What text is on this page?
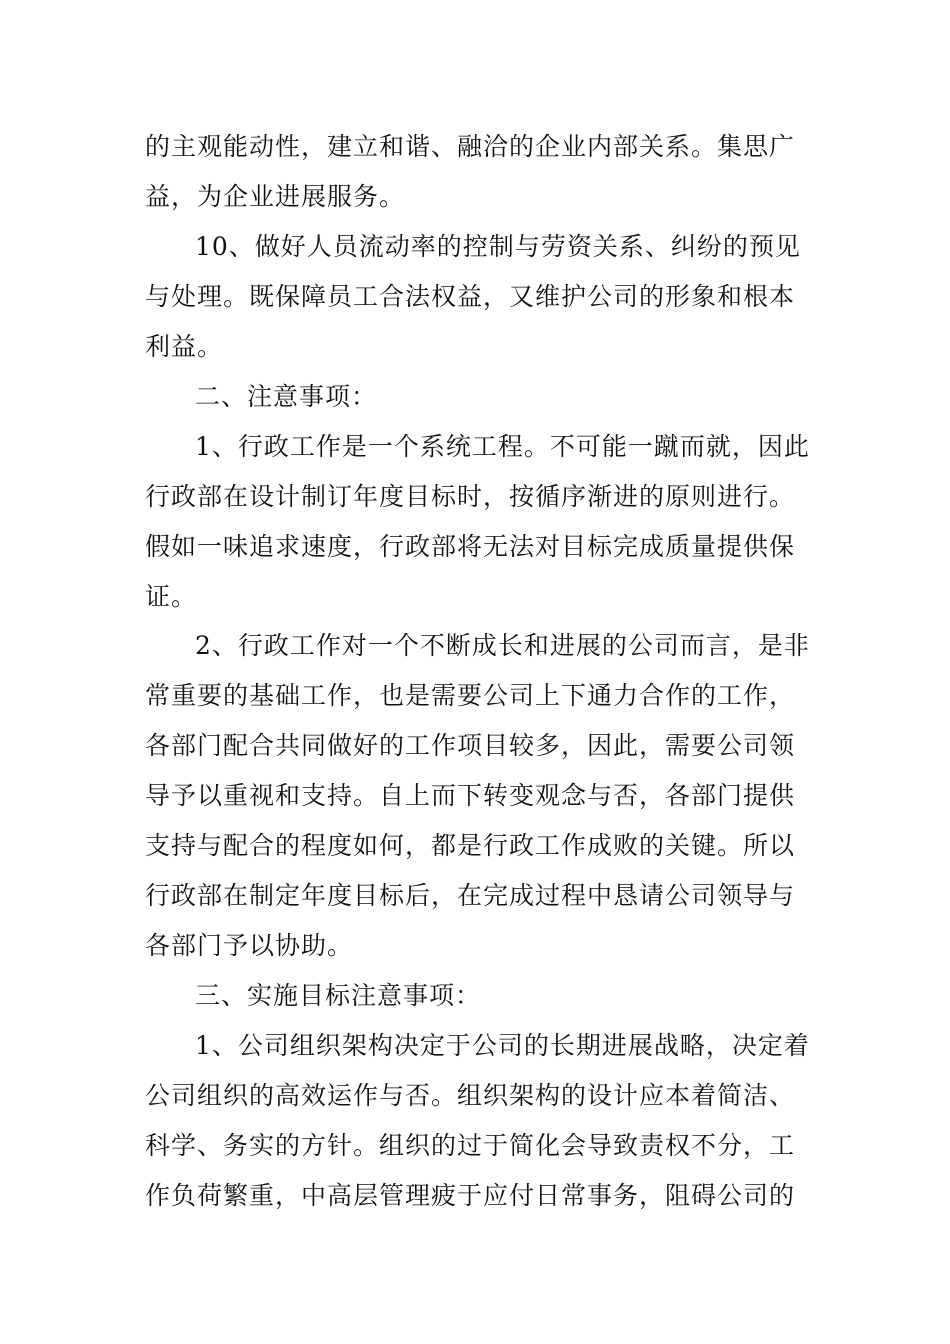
的主观能动性，建立和谐、融洽的企业内部关系。集思广
益，为企业进展服务。
10、做好人员流动率的控制与劳资关系、纠纷的预见
与处理。既保障员工合法权益，又维护公司的形象和根本
利益。
二、注意事项：
1、行政工作是一个系统工程。不可能一蹴而就，因此
行政部在设计制订年度目标时，按循序渐进的原则进行。
假如一味追求速度，行政部将无法对目标完成质量提供保
证。
2、行政工作对一个不断成长和进展的公司而言，是非
常重要的基础工作，也是需要公司上下通力合作的工作，
各部门配合共同做好的工作项目较多，因此，需要公司领
导予以重视和支持。自上而下转变观念与否，各部门提供
支持与配合的程度如何，都是行政工作成败的关键。所以
行政部在制定年度目标后，在完成过程中恳请公司领导与
各部门予以协助。
三、实施目标注意事项：
1、公司组织架构决定于公司的长期进展战略，决定着
公司组织的高效运作与否。组织架构的设计应本着简洁、
科学、务实的方针。组织的过于简化会导致责权不分，工
作负荷繁重，中高层管理疲于应付日常事务，阻碍公司的
